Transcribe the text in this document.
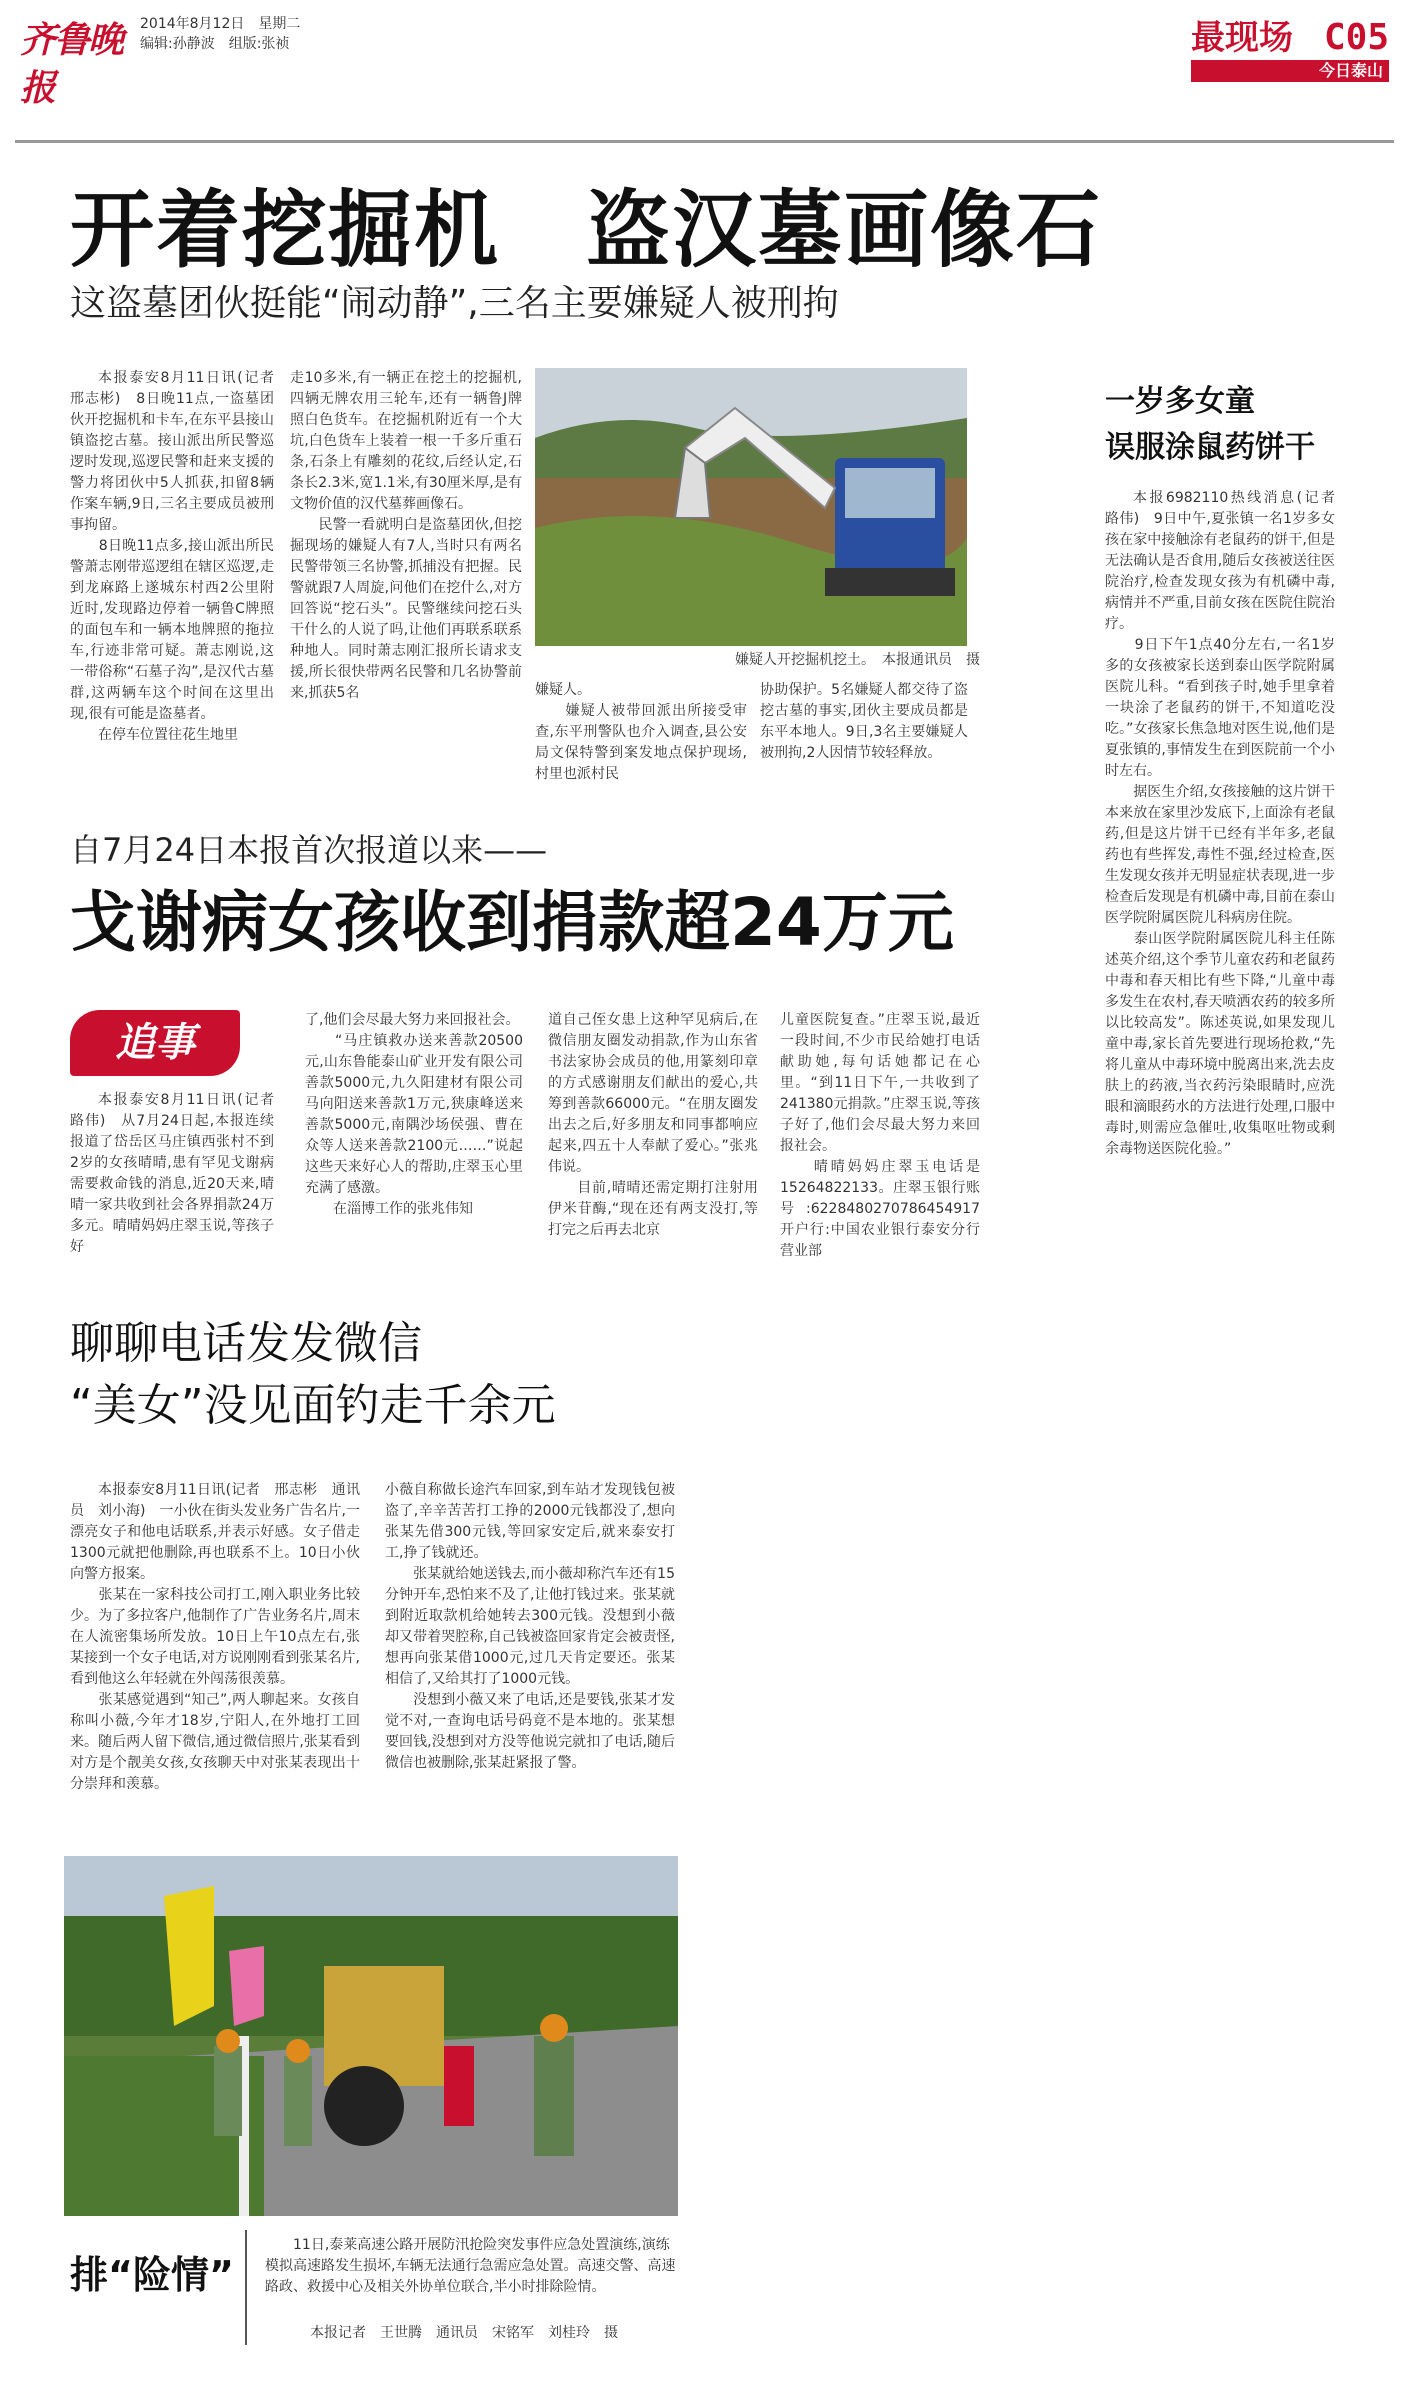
齐鲁晚报
2014年8月12日　星期二
编辑:孙静波　组版:张祯	最现场 C05
今日泰山
开着挖掘机　盗汉墓画像石
这盗墓团伙挺能“闹动静”,三名主要嫌疑人被刑拘
本报泰安8月11日讯(记者　邢志彬)　8日晚11点,一盗墓团伙开挖掘机和卡车,在东平县接山镇盗挖古墓。接山派出所民警巡逻时发现,巡逻民警和赶来支援的警力将团伙中5人抓获,扣留8辆作案车辆,9日,三名主要成员被刑事拘留。
　　8日晚11点多,接山派出所民警萧志刚带巡逻组在辖区巡逻,走到龙麻路上遂城东村西2公里附近时,发现路边停着一辆鲁C牌照的面包车和一辆本地牌照的拖拉车,行迹非常可疑。萧志刚说,这一带俗称“石墓子沟”,是汉代古墓群,这两辆车这个时间在这里出现,很有可能是盗墓者。
　　在停车位置往花生地里
走10多米,有一辆正在挖土的挖掘机,四辆无牌农用三轮车,还有一辆鲁J牌照白色货车。在挖掘机附近有一个大坑,白色货车上装着一根一千多斤重石条,石条上有雕刻的花纹,后经认定,石条长2.3米,宽1.1米,有30厘米厚,是有文物价值的汉代墓葬画像石。
　　民警一看就明白是盗墓团伙,但挖掘现场的嫌疑人有7人,当时只有两名民警带领三名协警,抓捕没有把握。民警就跟7人周旋,问他们在挖什么,对方回答说“挖石头”。民警继续问挖石头干什么的人说了吗,让他们再联系联系种地人。同时萧志刚汇报所长请求支援,所长很快带两名民警和几名协警前来,抓获5名
嫌疑人开挖掘机挖土。　本报通讯员　摄
嫌疑人。
　　嫌疑人被带回派出所接受审查,东平刑警队也介入调查,县公安局文保特警到案发地点保护现场,村里也派村民
协助保护。5名嫌疑人都交待了盗挖古墓的事实,团伙主要成员都是东平本地人。9日,3名主要嫌疑人被刑拘,2人因情节较轻释放。
一岁多女童
误服涂鼠药饼干
本报6982110热线消息(记者　路伟)　9日中午,夏张镇一名1岁多女孩在家中接触涂有老鼠药的饼干,但是无法确认是否食用,随后女孩被送往医院治疗,检查发现女孩为有机磷中毒,病情并不严重,目前女孩在医院住院治疗。
　　9日下午1点40分左右,一名1岁多的女孩被家长送到泰山医学院附属医院儿科。“看到孩子时,她手里拿着一块涂了老鼠药的饼干,不知道吃没吃。”女孩家长焦急地对医生说,他们是夏张镇的,事情发生在到医院前一个小时左右。
　　据医生介绍,女孩接触的这片饼干本来放在家里沙发底下,上面涂有老鼠药,但是这片饼干已经有半年多,老鼠药也有些挥发,毒性不强,经过检查,医生发现女孩并无明显症状表现,进一步检查后发现是有机磷中毒,目前在泰山医学院附属医院儿科病房住院。
　　泰山医学院附属医院儿科主任陈述英介绍,这个季节儿童农药和老鼠药中毒和春天相比有些下降,“儿童中毒多发生在农村,春天喷洒农药的较多所以比较高发”。陈述英说,如果发现儿童中毒,家长首先要进行现场抢救,“先将儿童从中毒环境中脱离出来,洗去皮肤上的药液,当衣药污染眼睛时,应洗眼和滴眼药水的方法进行处理,口服中毒时,则需应急催吐,收集呕吐物或剩余毒物送医院化验。”
自7月24日本报首次报道以来——
戈谢病女孩收到捐款超24万元
追事
本报泰安8月11日讯(记者　路伟)　从7月24日起,本报连续报道了岱岳区马庄镇西张村不到2岁的女孩晴晴,患有罕见戈谢病需要救命钱的消息,近20天来,晴晴一家共收到社会各界捐款24万多元。晴晴妈妈庄翠玉说,等孩子好
了,他们会尽最大努力来回报社会。
　　“马庄镇救办送来善款20500元,山东鲁能泰山矿业开发有限公司善款5000元,九久阳建材有限公司马向阳送来善款1万元,狭康峰送来善款5000元,南隅沙场侯强、曹在众等人送来善款2100元……”说起这些天来好心人的帮助,庄翠玉心里充满了感激。
　　在淄博工作的张兆伟知
道自己侄女患上这种罕见病后,在微信朋友圈发动捐款,作为山东省书法家协会成员的他,用篆刻印章的方式感谢朋友们献出的爱心,共筹到善款66000元。“在朋友圈发出去之后,好多朋友和同事都响应起来,四五十人奉献了爱心。”张兆伟说。
　　目前,晴晴还需定期打注射用伊米苷酶,“现在还有两支没打,等打完之后再去北京
儿童医院复查。”庄翠玉说,最近一段时间,不少市民给她打电话献助她,每句话她都记在心里。“到11日下午,一共收到了241380元捐款。”庄翠玉说,等孩子好了,他们会尽最大努力来回报社会。
　　晴晴妈妈庄翠玉电话是15264822133。庄翠玉银行账号:6228480270786454917　开户行:中国农业银行泰安分行营业部
聊聊电话发发微信
“美女”没见面钓走千余元
本报泰安8月11日讯(记者　邢志彬　通讯员　刘小海)　一小伙在街头发业务广告名片,一漂亮女子和他电话联系,并表示好感。女子借走1300元就把他删除,再也联系不上。10日小伙向警方报案。
　　张某在一家科技公司打工,刚入职业务比较少。为了多拉客户,他制作了广告业务名片,周末在人流密集场所发放。10日上午10点左右,张某接到一个女子电话,对方说刚刚看到张某名片,看到他这么年轻就在外闯荡很羡慕。
　　张某感觉遇到“知己”,两人聊起来。女孩自称叫小薇,今年才18岁,宁阳人,在外地打工回来。随后两人留下微信,通过微信照片,张某看到对方是个靓美女孩,女孩聊天中对张某表现出十分崇拜和羡慕。
小薇自称做长途汽车回家,到车站才发现钱包被盗了,辛辛苦苦打工挣的2000元钱都没了,想向张某先借300元钱,等回家安定后,就来泰安打工,挣了钱就还。
　　张某就给她送钱去,而小薇却称汽车还有15分钟开车,恐怕来不及了,让他打钱过来。张某就到附近取款机给她转去300元钱。没想到小薇却又带着哭腔称,自己钱被盗回家肯定会被责怪,想再向张某借1000元,过几天肯定要还。张某相信了,又给其打了1000元钱。
　　没想到小薇又来了电话,还是要钱,张某才发觉不对,一查询电话号码竟不是本地的。张某想要回钱,没想到对方没等他说完就扣了电话,随后微信也被删除,张某赶紧报了警。
排“险情”
11日,泰莱高速公路开展防汛抢险突发事件应急处置演练,演练模拟高速路发生损坏,车辆无法通行急需应急处置。高速交警、高速路政、救援中心及相关外协单位联合,半小时排除险情。
本报记者　王世腾　通讯员　宋铭军　刘桂玲　摄
